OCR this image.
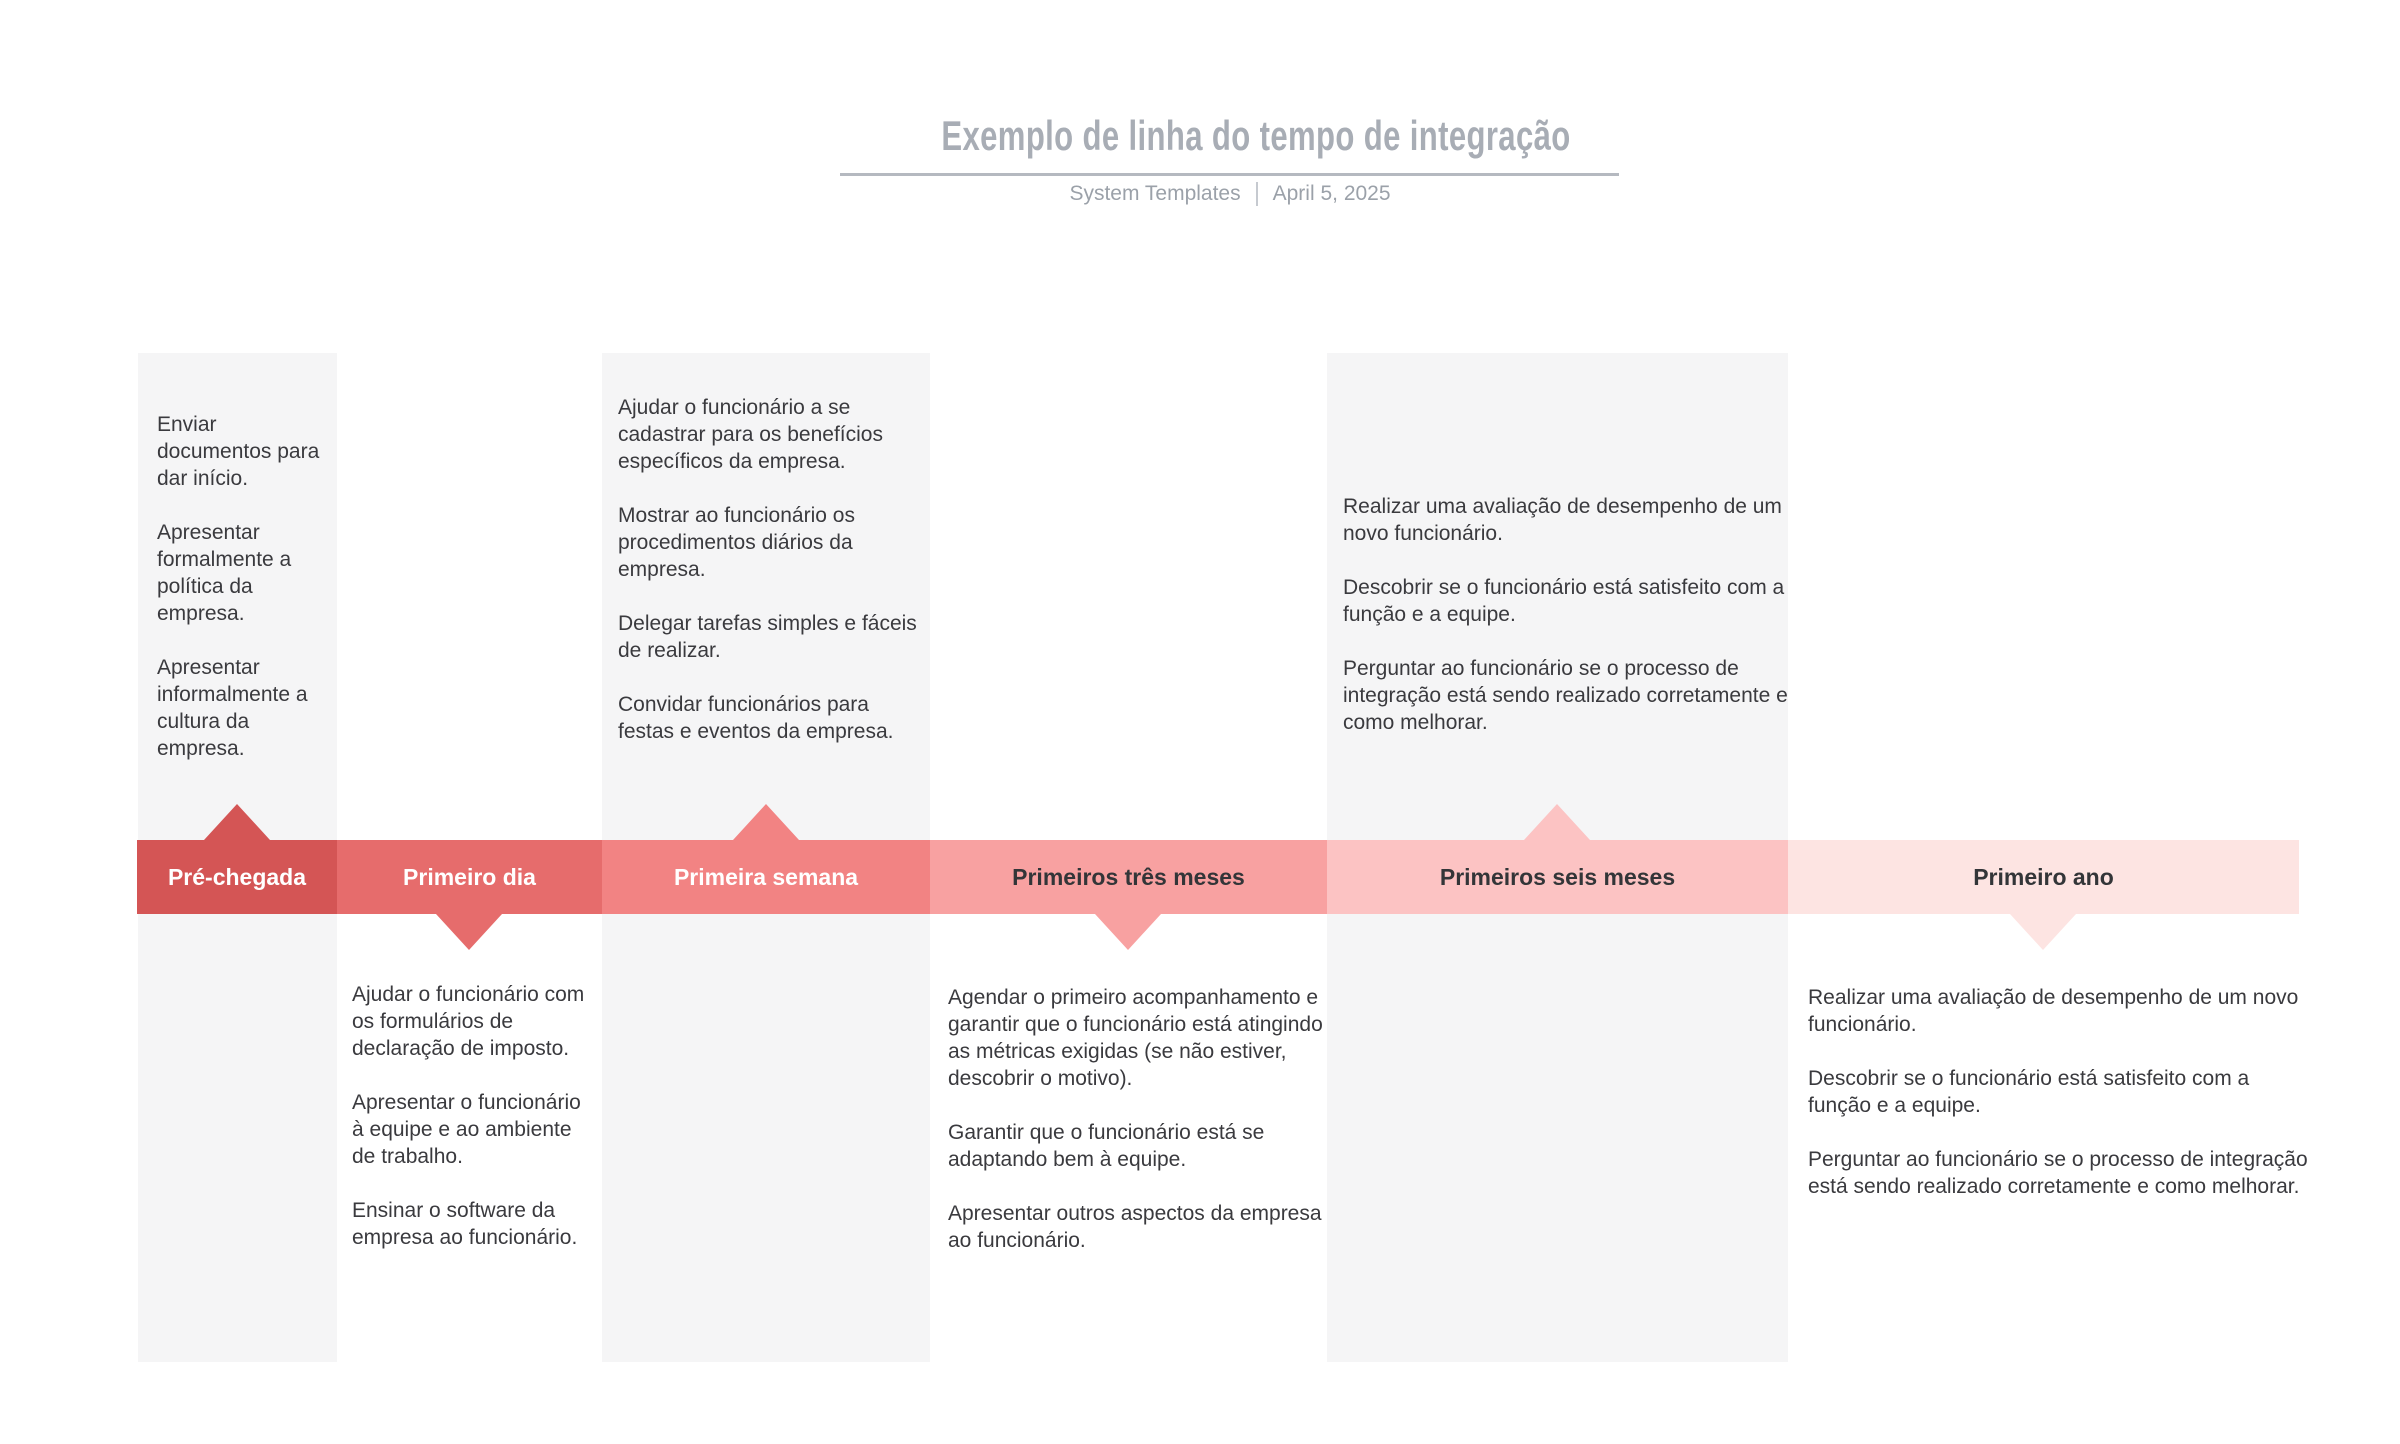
Exemplo de linha do tempo de integração
System Templates April 5, 2025
Pré-chegada	Primeiro dia	Primeira semana	Primeiros três meses	Primeiros seis meses	Primeiro ano

Enviar documentos para dar início.

Apresentar formalmente a política da empresa.

Apresentar informalmente a cultura da empresa.

Ajudar o funcionário com os formulários de declaração de imposto.

Apresentar o funcionário à equipe e ao ambiente de trabalho.

Ensinar o software da empresa ao funcionário.

Ajudar o funcionário a se cadastrar para os benefícios específicos da empresa.

Mostrar ao funcionário os procedimentos diários da empresa.

Delegar tarefas simples e fáceis de realizar.

Convidar funcionários para festas e eventos da empresa.

Agendar o primeiro acompanhamento e garantir que o funcionário está atingindo as métricas exigidas (se não estiver, descobrir o motivo).

Garantir que o funcionário está se adaptando bem à equipe.

Apresentar outros aspectos da empresa ao funcionário.

Realizar uma avaliação de desempenho de um novo funcionário.

Descobrir se o funcionário está satisfeito com a função e a equipe.

Perguntar ao funcionário se o processo de integração está sendo realizado corretamente e como melhorar.

Realizar uma avaliação de desempenho de um novo funcionário.

Descobrir se o funcionário está satisfeito com a função e a equipe.

Perguntar ao funcionário se o processo de integração está sendo realizado corretamente e como melhorar.
